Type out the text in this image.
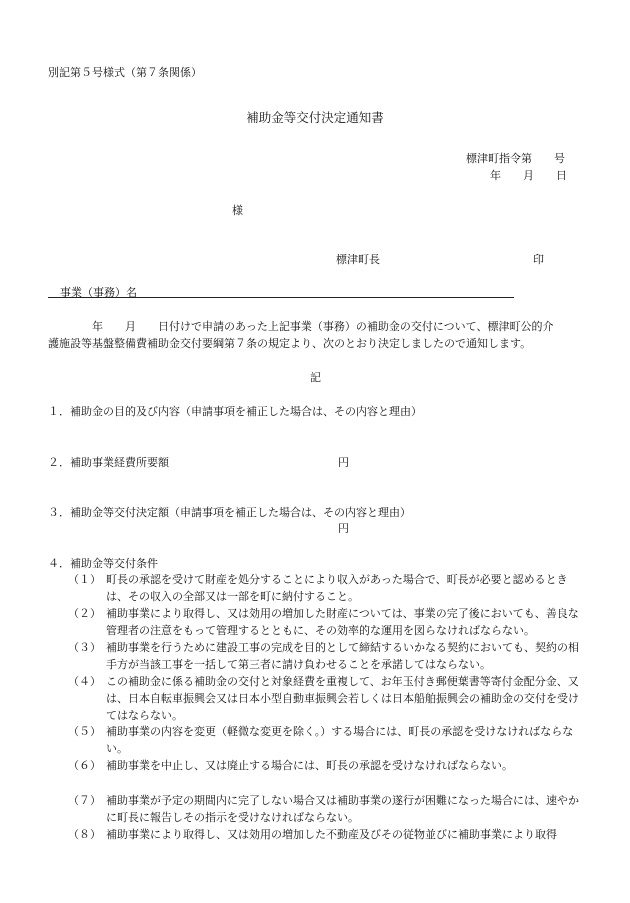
別記第５号様式（第７条関係）
補助金等交付決定通知書
標津町指令第　　号
年　　月　　日
様
標津町長	印
事業（事務）名
年　　月　　日付けで申請のあった上記事業（事務）の補助金の交付について、標津町公的介
護施設等基盤整備費補助金交付要綱第７条の規定より、次のとおり決定しましたので通知します。
記
１．補助金の目的及び内容（申請事項を補正した場合は、その内容と理由）
２．補助事業経費所要額	円
３．補助金等交付決定額（申請事項を補正した場合は、その内容と理由）
円
４．補助金等交付条件
（１） 町長の承認を受けて財産を処分することにより収入があった場合で、町長が必要と認めるときは、その収入の全部又は一部を町に納付すること。
（２） 補助事業により取得し、又は効用の増加した財産については、事業の完了後においても、善良な管理者の注意をもって管理するとともに、その効率的な運用を図らなければならない。
（３） 補助事業を行うために建設工事の完成を目的として締結するいかなる契約においても、契約の相手方が当該工事を一括して第三者に請け負わせることを承諾してはならない。
（４） この補助金に係る補助金の交付と対象経費を重複して、お年玉付き郵便葉書等寄付金配分金、又は、日本自転車振興会又は日本小型自動車振興会若しくは日本船舶振興会の補助金の交付を受けてはならない。
（５） 補助事業の内容を変更（軽微な変更を除く。）する場合には、町長の承認を受けなければならない。
（６） 補助事業を中止し、又は廃止する場合には、町長の承認を受けなければならない。
（７） 補助事業が予定の期間内に完了しない場合又は補助事業の遂行が困難になった場合には、速やかに町長に報告しその指示を受けなければならない。
（８） 補助事業により取得し、又は効用の増加した不動産及びその従物並びに補助事業により取得
